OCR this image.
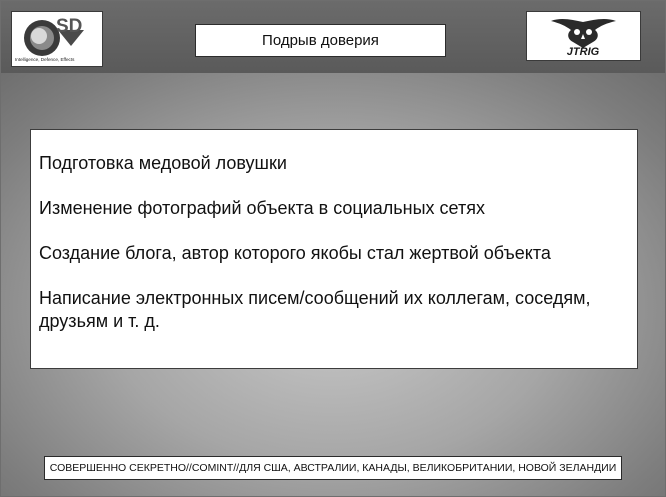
SD
Intelligence, Defence, Effects
Подрыв доверия
JTRIG
Подготовка медовой ловушки
Изменение фотографий объекта в социальных сетях
Создание блога, автор которого якобы стал жертвой объекта
Написание электронных писем/сообщений их коллегам, соседям, друзьям и т. д.
СОВЕРШЕННО СЕКРЕТНО//COMINT//ДЛЯ США, АВСТРАЛИИ, КАНАДЫ, ВЕЛИКОБРИТАНИИ, НОВОЙ ЗЕЛАНДИИ
